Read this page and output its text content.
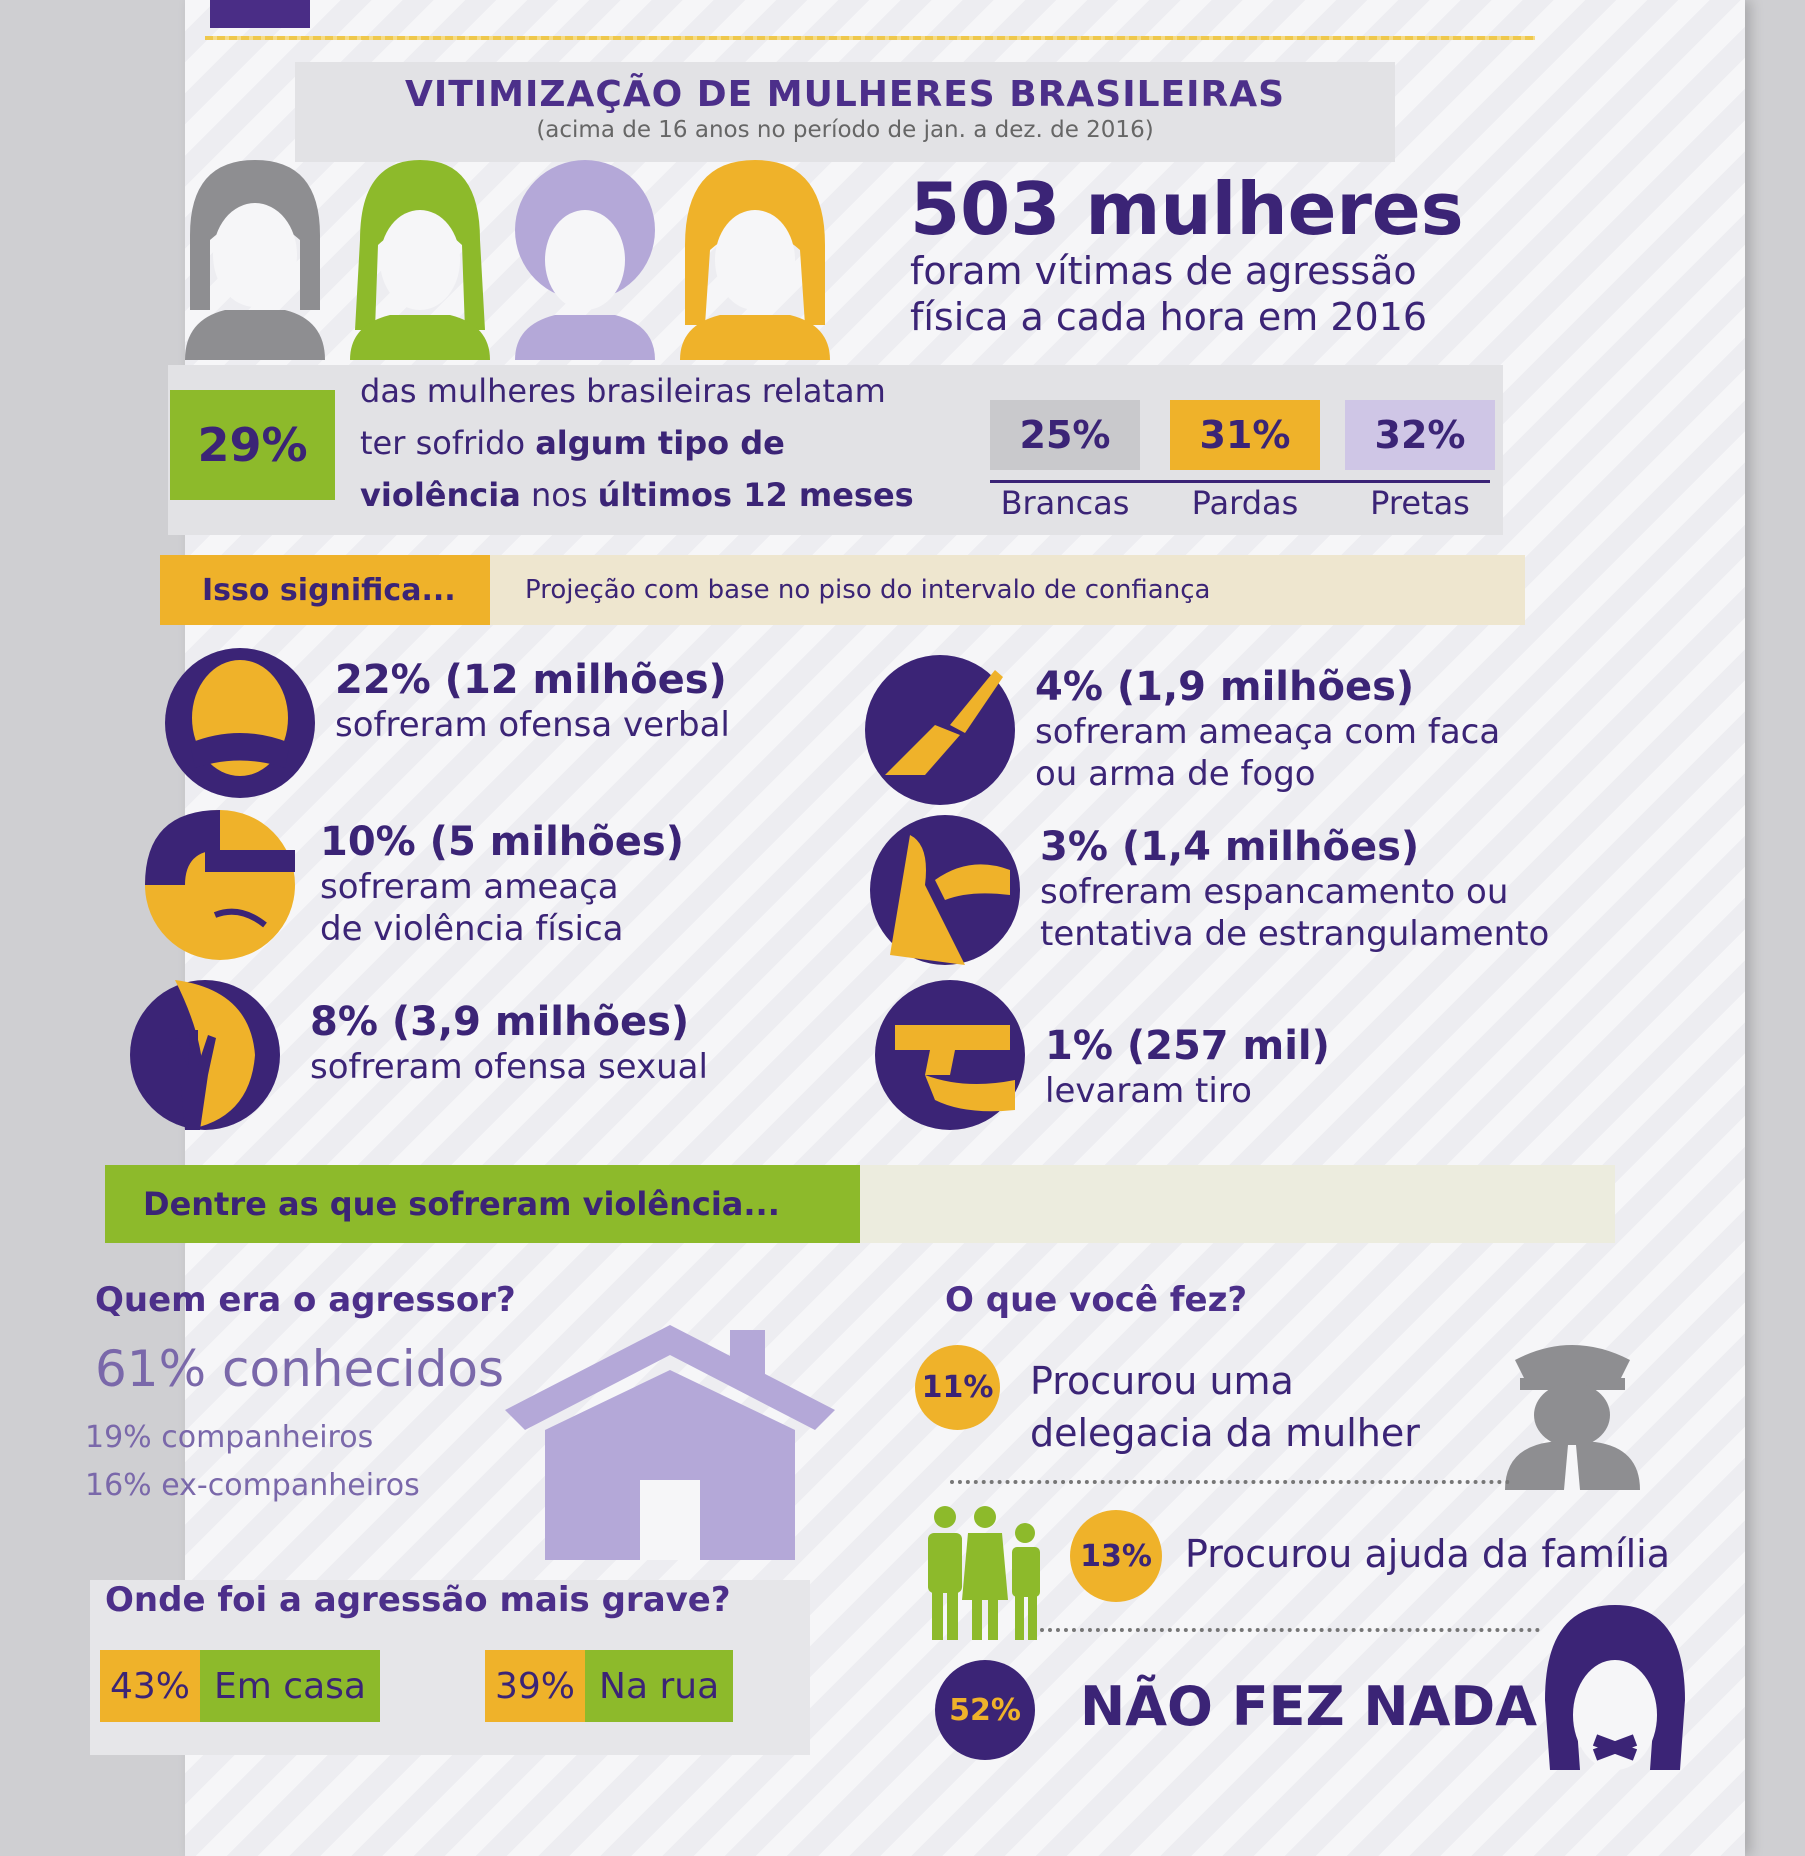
VITIMIZAÇÃO DE MULHERES BRASILEIRAS
(acima de 16 anos no período de jan. a dez. de 2016)
503 mulheres
foram vítimas de agressão
física a cada hora em 2016
29%
das mulheres brasileiras relatam
ter sofrido algum tipo de
violência nos últimos 12 meses
25%
Brancas
31%
Pardas
32%
Pretas
Isso significa...	Projeção com base no piso do intervalo de confiança
22% (12 milhões)
sofreram ofensa verbal
4% (1,9 milhões)
sofreram ameaça com faca
ou arma de fogo
10% (5 milhões)
sofreram ameaça
de violência física
3% (1,4 milhões)
sofreram espancamento ou
tentativa de estrangulamento
8% (3,9 milhões)
sofreram ofensa sexual	1% (257 mil)
levaram tiro
Dentre as que sofreram violência...
Quem era o agressor?
61% conhecidos
19% companheiros
16% ex-companheiros
Onde foi a agressão mais grave?
43% Em casa	39% Na rua
O que você fez?
11% Procurou uma
delegacia da mulher
13% Procurou ajuda da família
52% NÃO FEZ NADA
